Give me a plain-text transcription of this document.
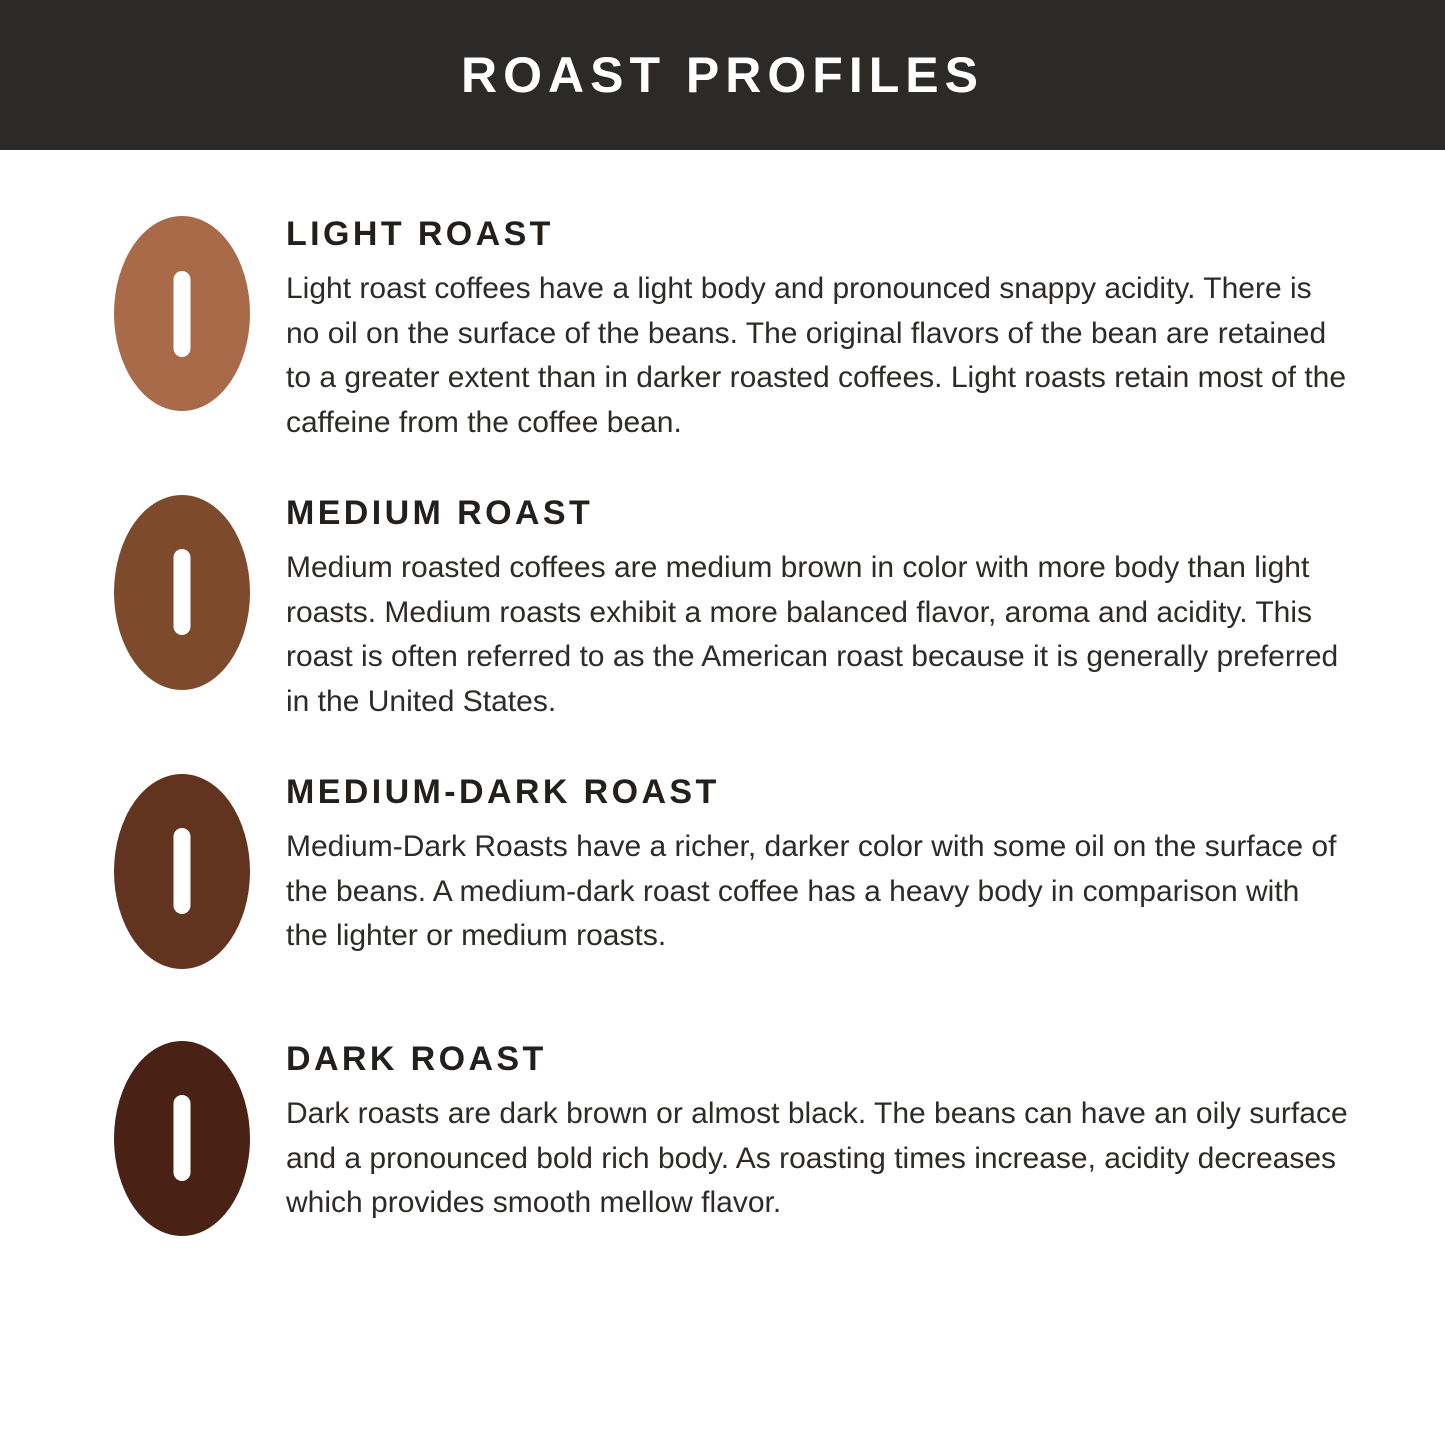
ROAST PROFILES
LIGHT ROAST

Light roast coffees have a light body and pronounced snappy acidity. There is no oil on the surface of the beans. The original flavors of the bean are retained to a greater extent than in darker roasted coffees. Light roasts retain most of the caffeine from the coffee bean.

MEDIUM ROAST

Medium roasted coffees are medium brown in color with more body than light roasts. Medium roasts exhibit a more balanced flavor, aroma and acidity. This roast is often referred to as the American roast because it is generally preferred in the United States.

MEDIUM-DARK ROAST

Medium-Dark Roasts have a richer, darker color with some oil on the surface of the beans. A medium-dark roast coffee has a heavy body in comparison with the lighter or medium roasts.

DARK ROAST

Dark roasts are dark brown or almost black. The beans can have an oily surface and a pronounced bold rich body. As roasting times increase, acidity decreases which provides smooth mellow flavor.
